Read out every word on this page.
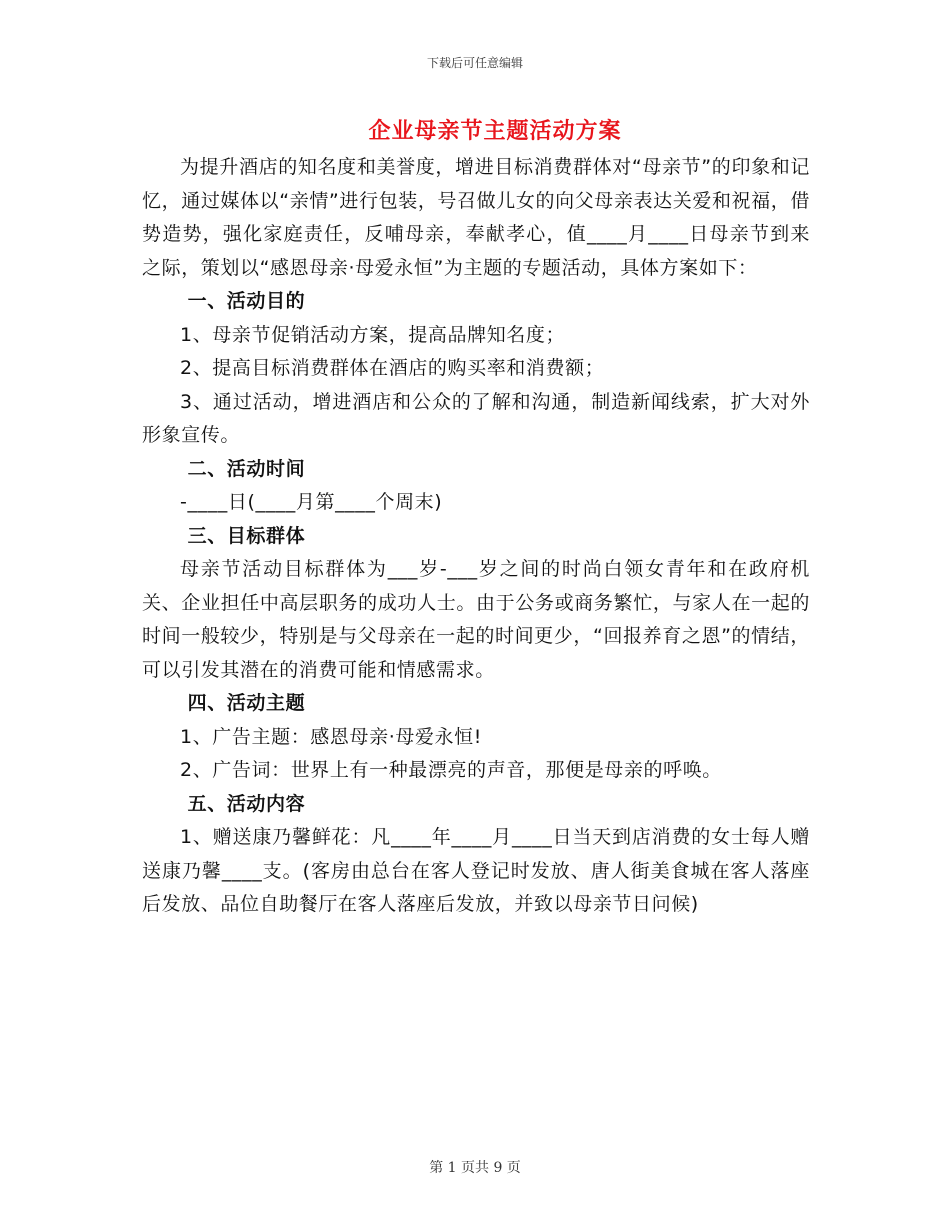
下载后可任意编辑
企业母亲节主题活动方案

为提升酒店的知名度和美誉度，增进目标消费群体对“母亲节”的印象和记忆，通过媒体以“亲情”进行包装，号召做儿女的向父母亲表达关爱和祝福，借势造势，强化家庭责任，反哺母亲，奉献孝心，值____月____日母亲节到来之际，策划以“感恩母亲·母爱永恒”为主题的专题活动，具体方案如下：

一、活动目的

1、母亲节促销活动方案，提高品牌知名度；

2、提高目标消费群体在酒店的购买率和消费额；

3、通过活动，增进酒店和公众的了解和沟通，制造新闻线索，扩大对外形象宣传。

二、活动时间

-____日(____月第____个周末)

三、目标群体

母亲节活动目标群体为___岁-___岁之间的时尚白领女青年和在政府机关、企业担任中高层职务的成功人士。由于公务或商务繁忙，与家人在一起的时间一般较少，特别是与父母亲在一起的时间更少，“回报养育之恩”的情结，可以引发其潜在的消费可能和情感需求。

四、活动主题

1、广告主题：感恩母亲·母爱永恒!

2、广告词：世界上有一种最漂亮的声音，那便是母亲的呼唤。

五、活动内容

1、赠送康乃馨鲜花：凡____年____月____日当天到店消费的女士每人赠送康乃馨____支。(客房由总台在客人登记时发放、唐人街美食城在客人落座后发放、品位自助餐厅在客人落座后发放，并致以母亲节日问候)

第 1 页共 9 页
